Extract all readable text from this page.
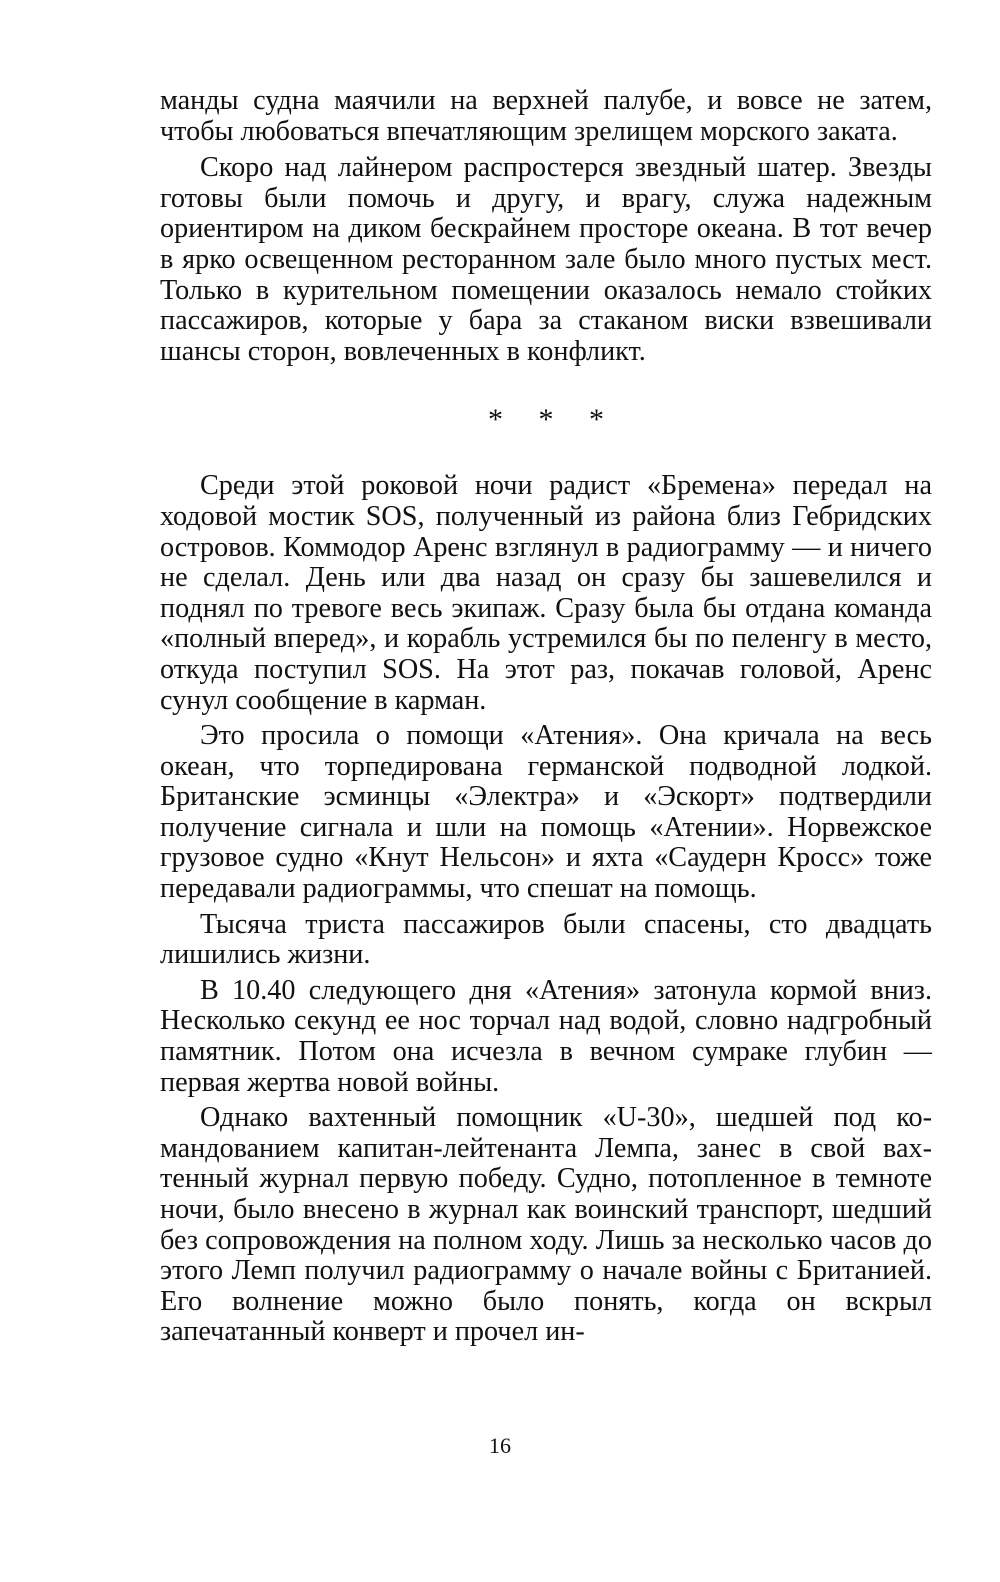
манды судна маячили на верхней палубе, и вовсе не затем, чтобы любоваться впечатляющим зрелищем морского заката.

Скоро над лайнером распростерся звездный шатер. Звезды готовы были помочь и другу, и врагу, служа надежным ориентиром на диком бескрайнем просторе океана. В тот вечер в ярко освещенном ресторанном зале было много пустых мест. Только в курительном помещении оказалось немало стойких пассажиров, которые у бара за стаканом виски взвешивали шансы сторон, вовлеченных в конфликт.

* * *

Среди этой роковой ночи радист «Бремена» передал на ходовой мостик SOS, полученный из района близ Гебридских островов. Коммодор Аренс взглянул в радиограмму — и ничего не сделал. День или два назад он сразу бы зашевелился и поднял по тревоге весь экипаж. Сразу была бы отдана команда «полный вперед», и корабль устремился бы по пеленгу в место, откуда поступил SOS. На этот раз, покачав головой, Аренс сунул сообщение в карман.

Это просила о помощи «Атения». Она кричала на весь океан, что торпедирована германской подводной лодкой. Британские эсминцы «Электра» и «Эскорт» подтвердили получение сигнала и шли на помощь «Атении». Норвежское грузовое судно «Кнут Нельсон» и яхта «Саудерн Кросс» тоже передавали радиограммы, что спешат на помощь.

Тысяча триста пассажиров были спасены, сто двадцать лишились жизни.

В 10.40 следующего дня «Атения» затонула кормой вниз. Несколько секунд ее нос торчал над водой, словно надгробный памятник. Потом она исчезла в вечном сумраке глубин — первая жертва новой войны.

Однако вахтенный помощник «U-30», шедшей под командованием капитан-лейтенанта Лемпа, занес в свой вахтенный журнал первую победу. Судно, потопленное в темноте ночи, было внесено в журнал как воинский транспорт, шедший без сопровождения на полном ходу. Лишь за несколько часов до этого Лемп получил радиограмму о начале войны с Британией. Его волнение можно было понять, когда он вскрыл запечатанный конверт и прочел ин-

16
